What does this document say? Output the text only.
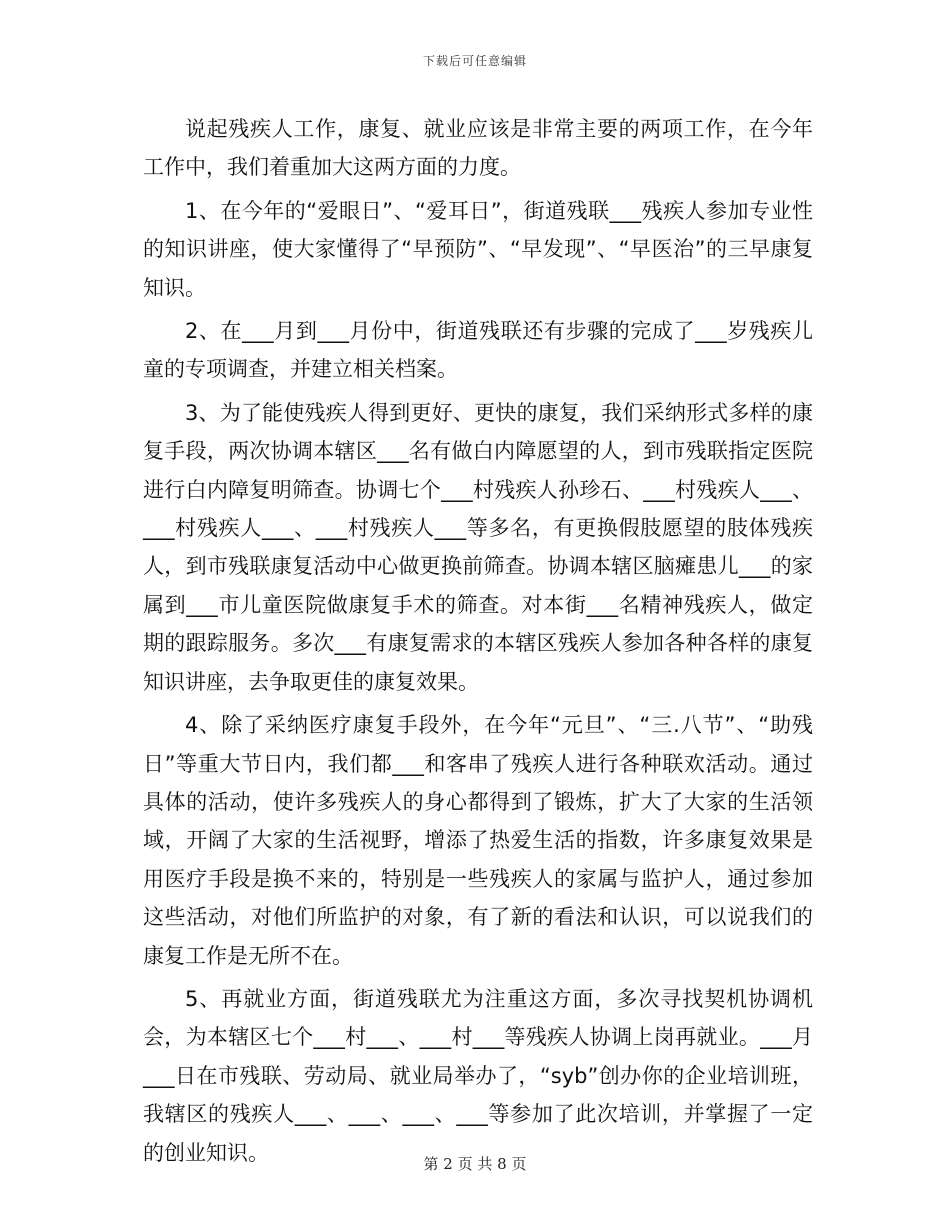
下载后可任意编辑

说起残疾人工作，康复、就业应该是非常主要的两项工作，在今年工作中，我们着重加大这两方面的力度。

1、在今年的“爱眼日”、“爱耳日”，街道残联___残疾人参加专业性的知识讲座，使大家懂得了“早预防”、“早发现”、“早医治”的三早康复知识。

2、在___月到___月份中，街道残联还有步骤的完成了___岁残疾儿童的专项调查，并建立相关档案。

3、为了能使残疾人得到更好、更快的康复，我们采纳形式多样的康复手段，两次协调本辖区___名有做白内障愿望的人，到市残联指定医院进行白内障复明筛查。协调七个___村残疾人孙珍石、___村残疾人___、___村残疾人___、___村残疾人___等多名，有更换假肢愿望的肢体残疾人，到市残联康复活动中心做更换前筛查。协调本辖区脑瘫患儿___的家属到___市儿童医院做康复手术的筛查。对本街___名精神残疾人，做定期的跟踪服务。多次___有康复需求的本辖区残疾人参加各种各样的康复知识讲座，去争取更佳的康复效果。

4、除了采纳医疗康复手段外，在今年“元旦”、“三.八节”、“助残日”等重大节日内，我们都___和客串了残疾人进行各种联欢活动。通过具体的活动，使许多残疾人的身心都得到了锻炼，扩大了大家的生活领域，开阔了大家的生活视野，增添了热爱生活的指数，许多康复效果是用医疗手段是换不来的，特别是一些残疾人的家属与监护人，通过参加这些活动，对他们所监护的对象，有了新的看法和认识，可以说我们的康复工作是无所不在。

5、再就业方面，街道残联尤为注重这方面，多次寻找契机协调机会，为本辖区七个___村___、___村___等残疾人协调上岗再就业。___月___日在市残联、劳动局、就业局举办了，“syb”创办你的企业培训班，我辖区的残疾人___、___、___、___等参加了此次培训，并掌握了一定的创业知识。	第 2 页 共 8 页
